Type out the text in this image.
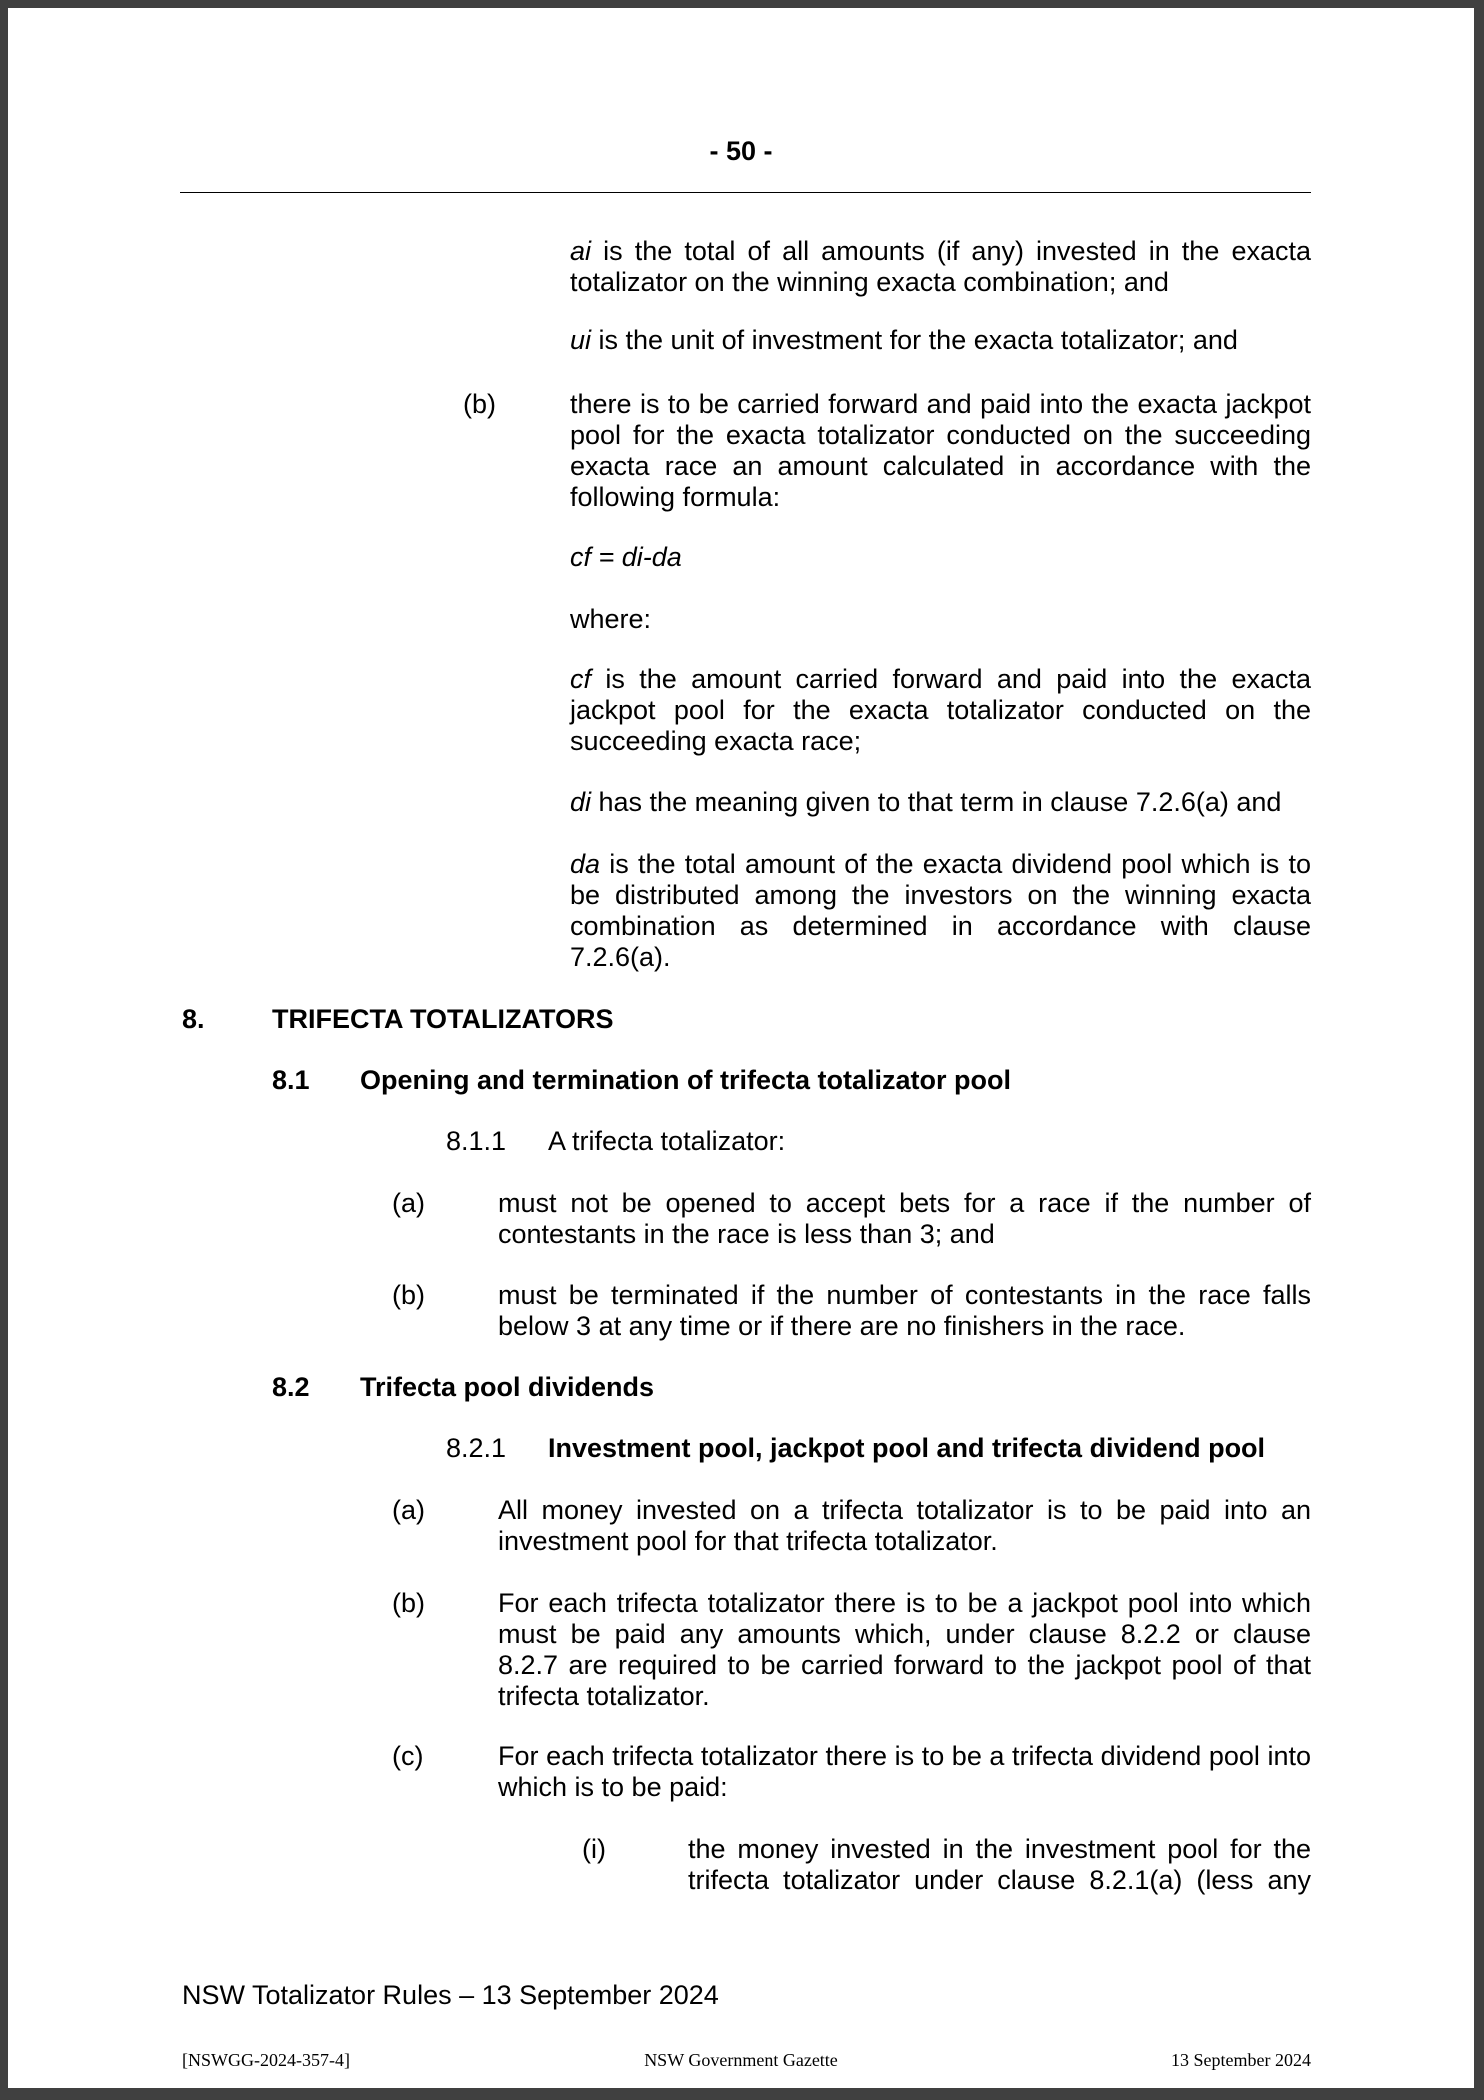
- 50 -

ai is the total of all amounts (if any) invested in the exacta totalizator on the winning exacta combination; and

ui is the unit of investment for the exacta totalizator; and

(b)	there is to be carried forward and paid into the exacta jackpot pool for the exacta totalizator conducted on the succeeding exacta race an amount calculated in accordance with the following formula:

cf = di-da

where:

cf is the amount carried forward and paid into the exacta jackpot pool for the exacta totalizator conducted on the succeeding exacta race;

di has the meaning given to that term in clause 7.2.6(a) and

da is the total amount of the exacta dividend pool which is to be distributed among the investors on the winning exacta combination as determined in accordance with clause 7.2.6(a).

8. TRIFECTA TOTALIZATORS
8.1 Opening and termination of trifecta totalizator pool
8.1.1 A trifecta totalizator:
(a)	must not be opened to accept bets for a race if the number of contestants in the race is less than 3; and

(b)	must be terminated if the number of contestants in the race falls below 3 at any time or if there are no finishers in the race.

8.2 Trifecta pool dividends
8.2.1 Investment pool, jackpot pool and trifecta dividend pool
(a)	All money invested on a trifecta totalizator is to be paid into an investment pool for that trifecta totalizator.

(b)	For each trifecta totalizator there is to be a jackpot pool into which must be paid any amounts which, under clause 8.2.2 or clause 8.2.7 are required to be carried forward to the jackpot pool of that trifecta totalizator.

(c)	For each trifecta totalizator there is to be a trifecta dividend pool into which is to be paid:

(i)	the money invested in the investment pool for the trifecta totalizator under clause 8.2.1(a) (less any

NSW Totalizator Rules – 13 September 2024
[NSWGG-2024-357-4]	NSW Government Gazette	13 September 2024
